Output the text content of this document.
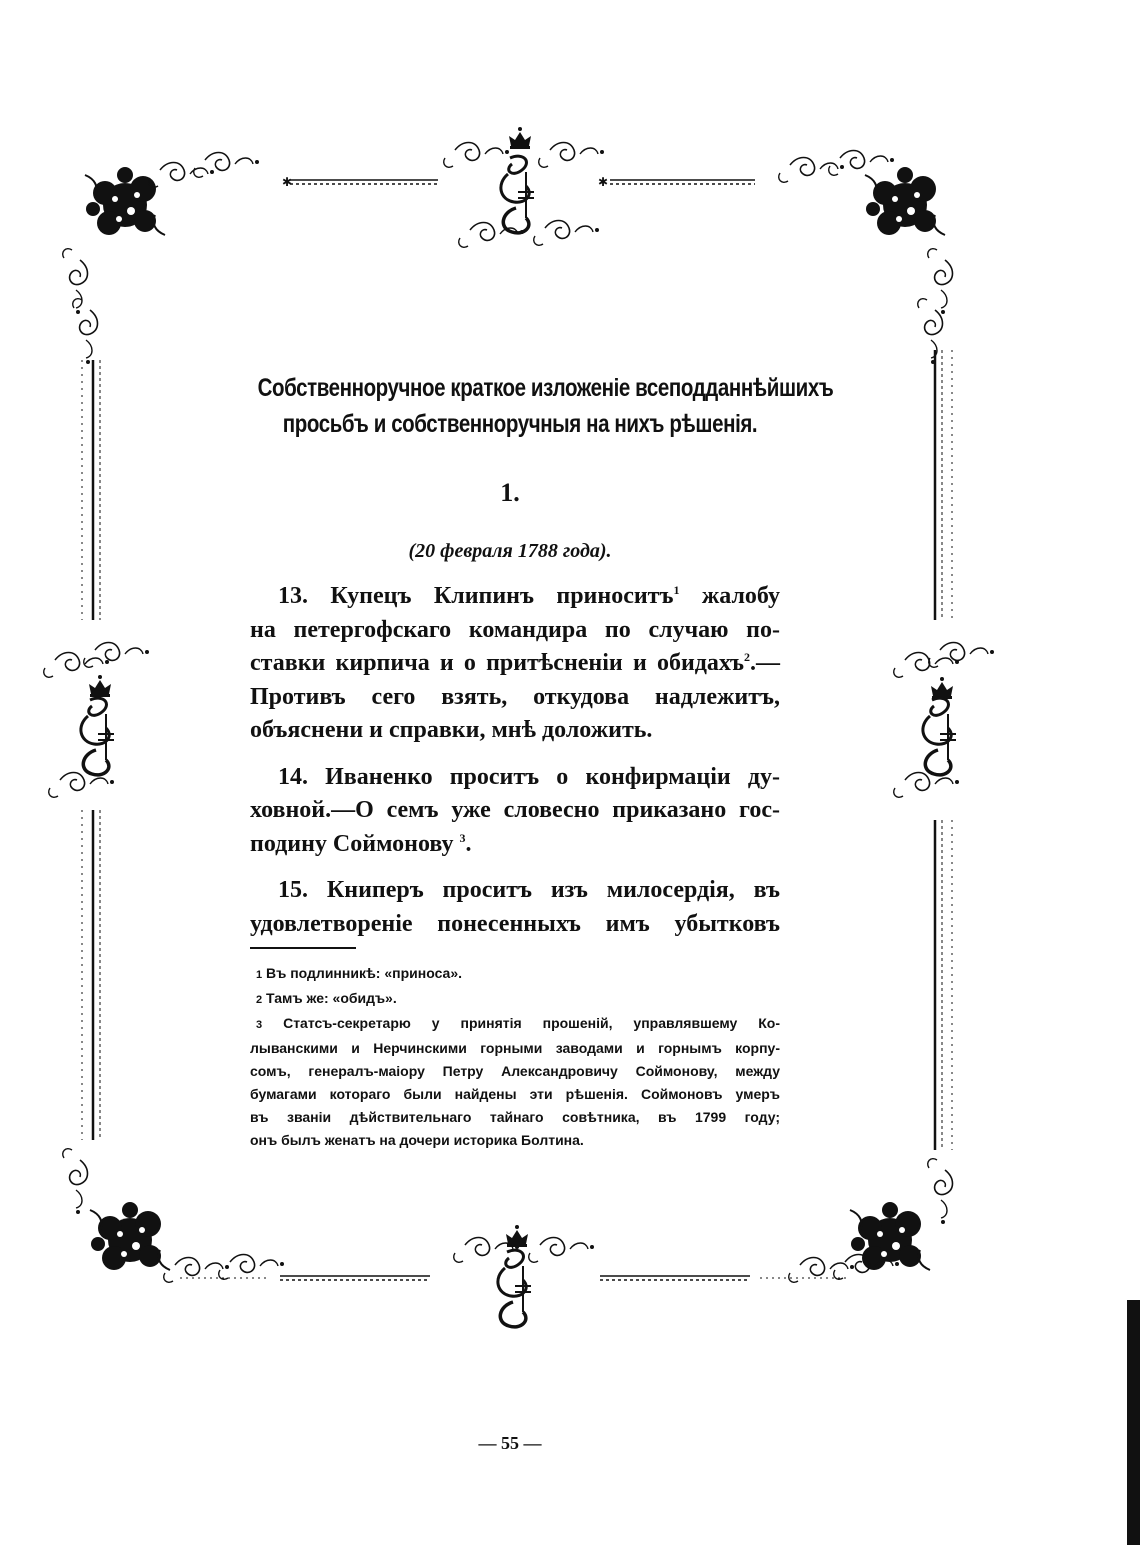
✱	✱
Собственноручное краткое изложеніе всеподданнѣйшихъ
просьбъ и собственноручныя на нихъ рѣшенія.

1.

(20 февраля 1788 года).

13. Купецъ Клипинъ приноситъ$^1$ жалобу
на петергофскаго командира по случаю по-
ставки кирпича и о притѣсненіи и обидахъ$^2$.—
Противъ сего взять, откудова надлежитъ,
объяснени и справки, мнѣ доложить.

14. Иваненко проситъ о конфирмаціи ду-
ховной.—О семъ уже словесно приказано гос-
подину Соймонову $^3$.

15. Книперъ проситъ изъ милосердія, въ
удовлетвореніе понесенныхъ имъ убытковъ

1 Въ подлинникѣ: «приноса».
2 Тамъ же: «обидъ».
3 Статсъ-секретарю у принятія прошеній, управлявшему Ко-
лыванскими и Нерчинскими горными заводами и горнымъ корпу-
сомъ, генералъ-маіору Петру Александровичу Соймонову, между
бумагами котораго были найдены эти рѣшенія. Соймоновъ умеръ
въ званіи дѣйствительнаго тайнаго совѣтника, въ 1799 году;
онъ былъ женатъ на дочери историка Болтина.

— 55 —
